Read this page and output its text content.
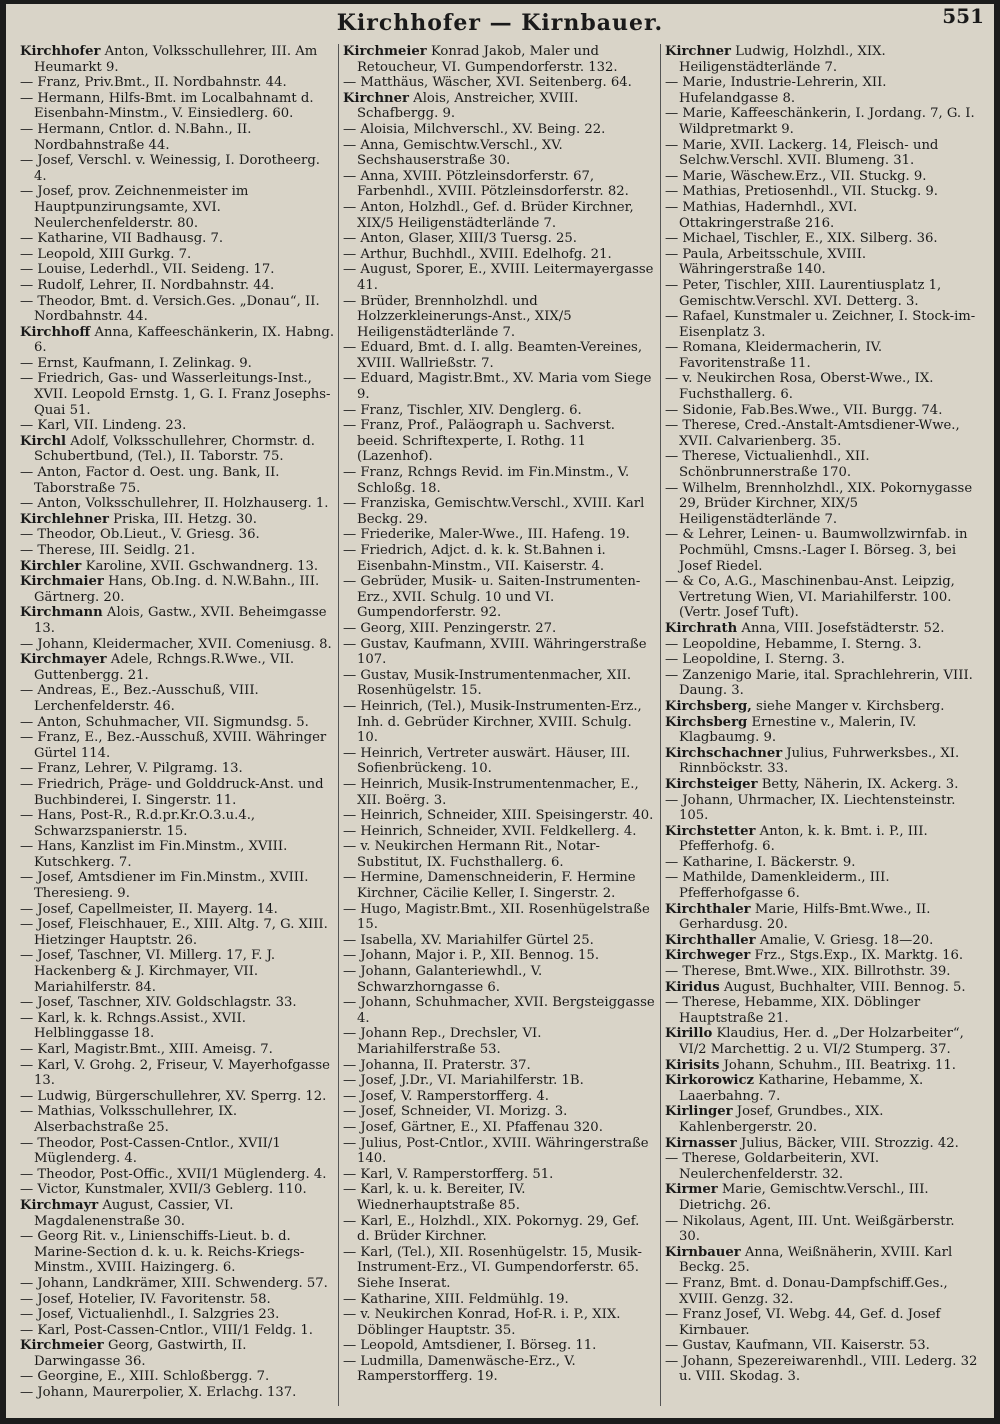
Kirchhofer — Kirnbauer.	551

Kirchhofer Anton, Volksschullehrer, III. Am Heumarkt 9.

— Franz, Priv.Bmt., II. Nordbahnstr. 44.

— Hermann, Hilfs-Bmt. im Localbahnamt d. Eisenbahn-Minstm., V. Einsiedlerg. 60.

— Hermann, Cntlor. d. N.Bahn., II. Nordbahnstraße 44.

— Josef, Verschl. v. Weinessig, I. Dorotheerg. 4.

— Josef, prov. Zeichnenmeister im Hauptpunzirungsamte, XVI. Neulerchenfelderstr. 80.

— Katharine, VII Badhausg. 7.

— Leopold, XIII Gurkg. 7.

— Louise, Lederhdl., VII. Seideng. 17.

— Rudolf, Lehrer, II. Nordbahnstr. 44.

— Theodor, Bmt. d. Versich.Ges. „Donau“, II. Nordbahnstr. 44.

Kirchhoff Anna, Kaffeeschänkerin, IX. Habng. 6.

— Ernst, Kaufmann, I. Zelinkag. 9.

— Friedrich, Gas- und Wasserleitungs-Inst., XVII. Leopold Ernstg. 1, G. I. Franz Josephs-Quai 51.

— Karl, VII. Lindeng. 23.

Kirchl Adolf, Volksschullehrer, Chormstr. d. Schubertbund, (Tel.), II. Taborstr. 75.

— Anton, Factor d. Oest. ung. Bank, II. Taborstraße 75.

— Anton, Volksschullehrer, II. Holzhauserg. 1.

Kirchlehner Priska, III. Hetzg. 30.

— Theodor, Ob.Lieut., V. Griesg. 36.

— Therese, III. Seidlg. 21.

Kirchler Karoline, XVII. Gschwandnerg. 13.

Kirchmaier Hans, Ob.Ing. d. N.W.Bahn., III. Gärtnerg. 20.

Kirchmann Alois, Gastw., XVII. Beheimgasse 13.

— Johann, Kleidermacher, XVII. Comeniusg. 8.

Kirchmayer Adele, Rchngs.R.Wwe., VII. Guttenbergg. 21.

— Andreas, E., Bez.-Ausschuß, VIII. Lerchenfelderstr. 46.

— Anton, Schuhmacher, VII. Sigmundsg. 5.

— Franz, E., Bez.-Ausschuß, XVIII. Währinger Gürtel 114.

— Franz, Lehrer, V. Pilgramg. 13.

— Friedrich, Präge- und Golddruck-Anst. und Buchbinderei, I. Singerstr. 11.

— Hans, Post-R., R.d.pr.Kr.O.3.u.4., Schwarzspanierstr. 15.

— Hans, Kanzlist im Fin.Minstm., XVIII. Kutschkerg. 7.

— Josef, Amtsdiener im Fin.Minstm., XVIII. Theresieng. 9.

— Josef, Capellmeister, II. Mayerg. 14.

— Josef, Fleischhauer, E., XIII. Altg. 7, G. XIII. Hietzinger Hauptstr. 26.

— Josef, Taschner, VI. Millerg. 17, F. J. Hackenberg & J. Kirchmayer, VII. Mariahilferstr. 84.

— Josef, Taschner, XIV. Goldschlagstr. 33.

— Karl, k. k. Rchngs.Assist., XVII. Helblinggasse 18.

— Karl, Magistr.Bmt., XIII. Ameisg. 7.

— Karl, V. Grohg. 2, Friseur, V. Mayerhofgasse 13.

— Ludwig, Bürgerschullehrer, XV. Sperrg. 12.

— Mathias, Volksschullehrer, IX. Alserbachstraße 25.

— Theodor, Post-Cassen-Cntlor., XVII/1 Müglenderg. 4.

— Theodor, Post-Offic., XVII/1 Müglenderg. 4.

— Victor, Kunstmaler, XVII/3 Geblerg. 110.

Kirchmayr August, Cassier, VI. Magdalenenstraße 30.

— Georg Rit. v., Linienschiffs-Lieut. b. d. Marine-Section d. k. u. k. Reichs-Kriegs-Minstm., XVIII. Haizingerg. 6.

— Johann, Landkrämer, XIII. Schwenderg. 57.

— Josef, Hotelier, IV. Favoritenstr. 58.

— Josef, Victualienhdl., I. Salzgries 23.

— Karl, Post-Cassen-Cntlor., VIII/1 Feldg. 1.

Kirchmeier Georg, Gastwirth, II. Darwingasse 36.

— Georgine, E., XIII. Schloßbergg. 7.

— Johann, Maurerpolier, X. Erlachg. 137.

Kirchmeier Konrad Jakob, Maler und Retoucheur, VI. Gumpendorferstr. 132.

— Matthäus, Wäscher, XVI. Seitenberg. 64.

Kirchner Alois, Anstreicher, XVIII. Schafbergg. 9.

— Aloisia, Milchverschl., XV. Being. 22.

— Anna, Gemischtw.Verschl., XV. Sechshauserstraße 30.

— Anna, XVIII. Pötzleinsdorferstr. 67, Farbenhdl., XVIII. Pötzleinsdorferstr. 82.

— Anton, Holzhdl., Gef. d. Brüder Kirchner, XIX/5 Heiligenstädterlände 7.

— Anton, Glaser, XIII/3 Tuersg. 25.

— Arthur, Buchhdl., XVIII. Edelhofg. 21.

— August, Sporer, E., XVIII. Leitermayergasse 41.

— Brüder, Brennholzhdl. und Holzzerkleinerungs-Anst., XIX/5 Heiligenstädterlände 7.

— Eduard, Bmt. d. I. allg. Beamten-Vereines, XVIII. Wallrießstr. 7.

— Eduard, Magistr.Bmt., XV. Maria vom Siege 9.

— Franz, Tischler, XIV. Denglerg. 6.

— Franz, Prof., Paläograph u. Sachverst. beeid. Schriftexperte, I. Rothg. 11 (Lazenhof).

— Franz, Rchngs Revid. im Fin.Minstm., V. Schloßg. 18.

— Franziska, Gemischtw.Verschl., XVIII. Karl Beckg. 29.

— Friederike, Maler-Wwe., III. Hafeng. 19.

— Friedrich, Adjct. d. k. k. St.Bahnen i. Eisenbahn-Minstm., VII. Kaiserstr. 4.

— Gebrüder, Musik- u. Saiten-Instrumenten-Erz., XVII. Schulg. 10 und VI. Gumpendorferstr. 92.

— Georg, XIII. Penzingerstr. 27.

— Gustav, Kaufmann, XVIII. Währingerstraße 107.

— Gustav, Musik-Instrumentenmacher, XII. Rosenhügelstr. 15.

— Heinrich, (Tel.), Musik-Instrumenten-Erz., Inh. d. Gebrüder Kirchner, XVIII. Schulg. 10.

— Heinrich, Vertreter auswärt. Häuser, III. Sofienbrückeng. 10.

— Heinrich, Musik-Instrumentenmacher, E., XII. Boërg. 3.

— Heinrich, Schneider, XIII. Speisingerstr. 40.

— Heinrich, Schneider, XVII. Feldkellerg. 4.

— v. Neukirchen Hermann Rit., Notar-Substitut, IX. Fuchsthallerg. 6.

— Hermine, Damenschneiderin, F. Hermine Kirchner, Cäcilie Keller, I. Singerstr. 2.

— Hugo, Magistr.Bmt., XII. Rosenhügelstraße 15.

— Isabella, XV. Mariahilfer Gürtel 25.

— Johann, Major i. P., XII. Bennog. 15.

— Johann, Galanteriewhdl., V. Schwarzhorngasse 6.

— Johann, Schuhmacher, XVII. Bergsteiggasse 4.

— Johann Rep., Drechsler, VI. Mariahilferstraße 53.

— Johanna, II. Praterstr. 37.

— Josef, J.Dr., VI. Mariahilferstr. 1B.

— Josef, V. Ramperstorfferg. 4.

— Josef, Schneider, VI. Morizg. 3.

— Josef, Gärtner, E., XI. Pfaffenau 320.

— Julius, Post-Cntlor., XVIII. Währingerstraße 140.

— Karl, V. Ramperstorfferg. 51.

— Karl, k. u. k. Bereiter, IV. Wiednerhauptstraße 85.

— Karl, E., Holzhdl., XIX. Pokornyg. 29, Gef. d. Brüder Kirchner.

— Karl, (Tel.), XII. Rosenhügelstr. 15, Musik-Instrument-Erz., VI. Gumpendorferstr. 65. Siehe Inserat.

— Katharine, XIII. Feldmühlg. 19.

— v. Neukirchen Konrad, Hof-R. i. P., XIX. Döblinger Hauptstr. 35.

— Leopold, Amtsdiener, I. Börseg. 11.

— Ludmilla, Damenwäsche-Erz., V. Ramperstorfferg. 19.

Kirchner Ludwig, Holzhdl., XIX. Heiligenstädterlände 7.

— Marie, Industrie-Lehrerin, XII. Hufelandgasse 8.

— Marie, Kaffeeschänkerin, I. Jordang. 7, G. I. Wildpretmarkt 9.

— Marie, XVII. Lackerg. 14, Fleisch- und Selchw.Verschl. XVII. Blumeng. 31.

— Marie, Wäschew.Erz., VII. Stuckg. 9.

— Mathias, Pretiosenhdl., VII. Stuckg. 9.

— Mathias, Hadernhdl., XVI. Ottakringerstraße 216.

— Michael, Tischler, E., XIX. Silberg. 36.

— Paula, Arbeitsschule, XVIII. Währingerstraße 140.

— Peter, Tischler, XIII. Laurentiusplatz 1, Gemischtw.Verschl. XVI. Detterg. 3.

— Rafael, Kunstmaler u. Zeichner, I. Stock-im-Eisenplatz 3.

— Romana, Kleidermacherin, IV. Favoritenstraße 11.

— v. Neukirchen Rosa, Oberst-Wwe., IX. Fuchsthallerg. 6.

— Sidonie, Fab.Bes.Wwe., VII. Burgg. 74.

— Therese, Cred.-Anstalt-Amtsdiener-Wwe., XVII. Calvarienberg. 35.

— Therese, Victualienhdl., XII. Schönbrunnerstraße 170.

— Wilhelm, Brennholzhdl., XIX. Pokornygasse 29, Brüder Kirchner, XIX/5 Heiligenstädterlände 7.

— & Lehrer, Leinen- u. Baumwollzwirnfab. in Pochmühl, Cmsns.-Lager I. Börseg. 3, bei Josef Riedel.

— & Co, A.G., Maschinenbau-Anst. Leipzig, Vertretung Wien, VI. Mariahilferstr. 100. (Vertr. Josef Tuft).

Kirchrath Anna, VIII. Josefstädterstr. 52.

— Leopoldine, Hebamme, I. Sterng. 3.

— Leopoldine, I. Sterng. 3.

— Zanzenigo Marie, ital. Sprachlehrerin, VIII. Daung. 3.

Kirchsberg, siehe Manger v. Kirchsberg.

Kirchsberg Ernestine v., Malerin, IV. Klagbaumg. 9.

Kirchschachner Julius, Fuhrwerksbes., XI. Rinnböckstr. 33.

Kirchsteiger Betty, Näherin, IX. Ackerg. 3.

— Johann, Uhrmacher, IX. Liechtensteinstr. 105.

Kirchstetter Anton, k. k. Bmt. i. P., III. Pfefferhofg. 6.

— Katharine, I. Bäckerstr. 9.

— Mathilde, Damenkleiderm., III. Pfefferhofgasse 6.

Kirchthaler Marie, Hilfs-Bmt.Wwe., II. Gerhardusg. 20.

Kirchthaller Amalie, V. Griesg. 18—20.

Kirchweger Frz., Stgs.Exp., IX. Marktg. 16.

— Therese, Bmt.Wwe., XIX. Billrothstr. 39.

Kiridus August, Buchhalter, VIII. Bennog. 5.

— Therese, Hebamme, XIX. Döblinger Hauptstraße 21.

Kirillo Klaudius, Her. d. „Der Holzarbeiter“, VI/2 Marchettig. 2 u. VI/2 Stumperg. 37.

Kirisits Johann, Schuhm., III. Beatrixg. 11.

Kirkorowicz Katharine, Hebamme, X. Laaerbahng. 7.

Kirlinger Josef, Grundbes., XIX. Kahlenbergerstr. 20.

Kirnasser Julius, Bäcker, VIII. Strozzig. 42.

— Therese, Goldarbeiterin, XVI. Neulerchenfelderstr. 32.

Kirmer Marie, Gemischtw.Verschl., III. Dietrichg. 26.

— Nikolaus, Agent, III. Unt. Weißgärberstr. 30.

Kirnbauer Anna, Weißnäherin, XVIII. Karl Beckg. 25.

— Franz, Bmt. d. Donau-Dampfschiff.Ges., XVIII. Genzg. 32.

— Franz Josef, VI. Webg. 44, Gef. d. Josef Kirnbauer.

— Gustav, Kaufmann, VII. Kaiserstr. 53.

— Johann, Spezereiwarenhdl., VIII. Lederg. 32 u. VIII. Skodag. 3.
